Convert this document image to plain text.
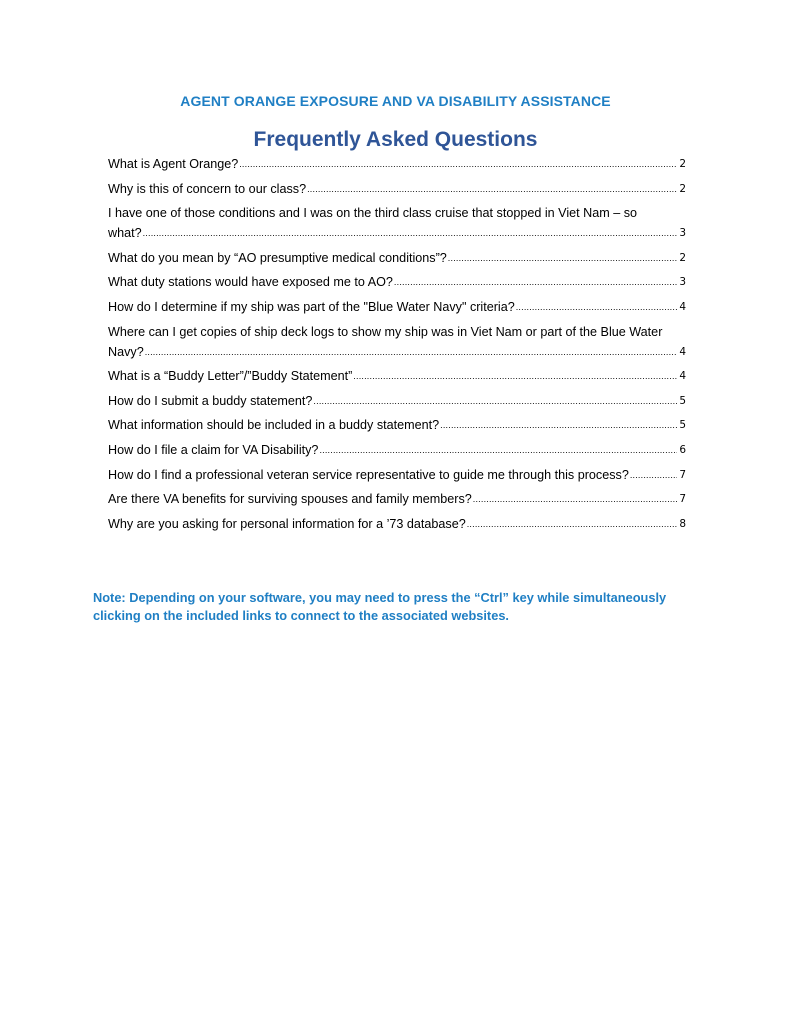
AGENT ORANGE EXPOSURE AND VA DISABILITY ASSISTANCE
Frequently Asked Questions
What is Agent Orange? .....	2
Why is this of concern to our class? .....	2
I have one of those conditions and I was on the third class cruise that stopped in Viet Nam – so what? .....	3
What do you mean by “AO presumptive medical conditions”? .....	2
What duty stations would have exposed me to AO? .....	3
How do I determine if my ship was part of the "Blue Water Navy" criteria? .....	4
Where can I get copies of ship deck logs to show my ship was in Viet Nam or part of the Blue Water Navy? .....	4
What is a “Buddy Letter”/”Buddy Statement” .....	4
How do I submit a buddy statement? .....	5
What information should be included in a buddy statement? .....	5
How do I file a claim for VA Disability? .....	6
How do I find a professional veteran service representative to guide me through this process? .....	7
Are there VA benefits for surviving spouses and family members? .....	7
Why are you asking for personal information for a ’73 database? .....	8
Note: Depending on your software, you may need to press the “Ctrl” key while simultaneously clicking on the included links to connect to the associated websites.
